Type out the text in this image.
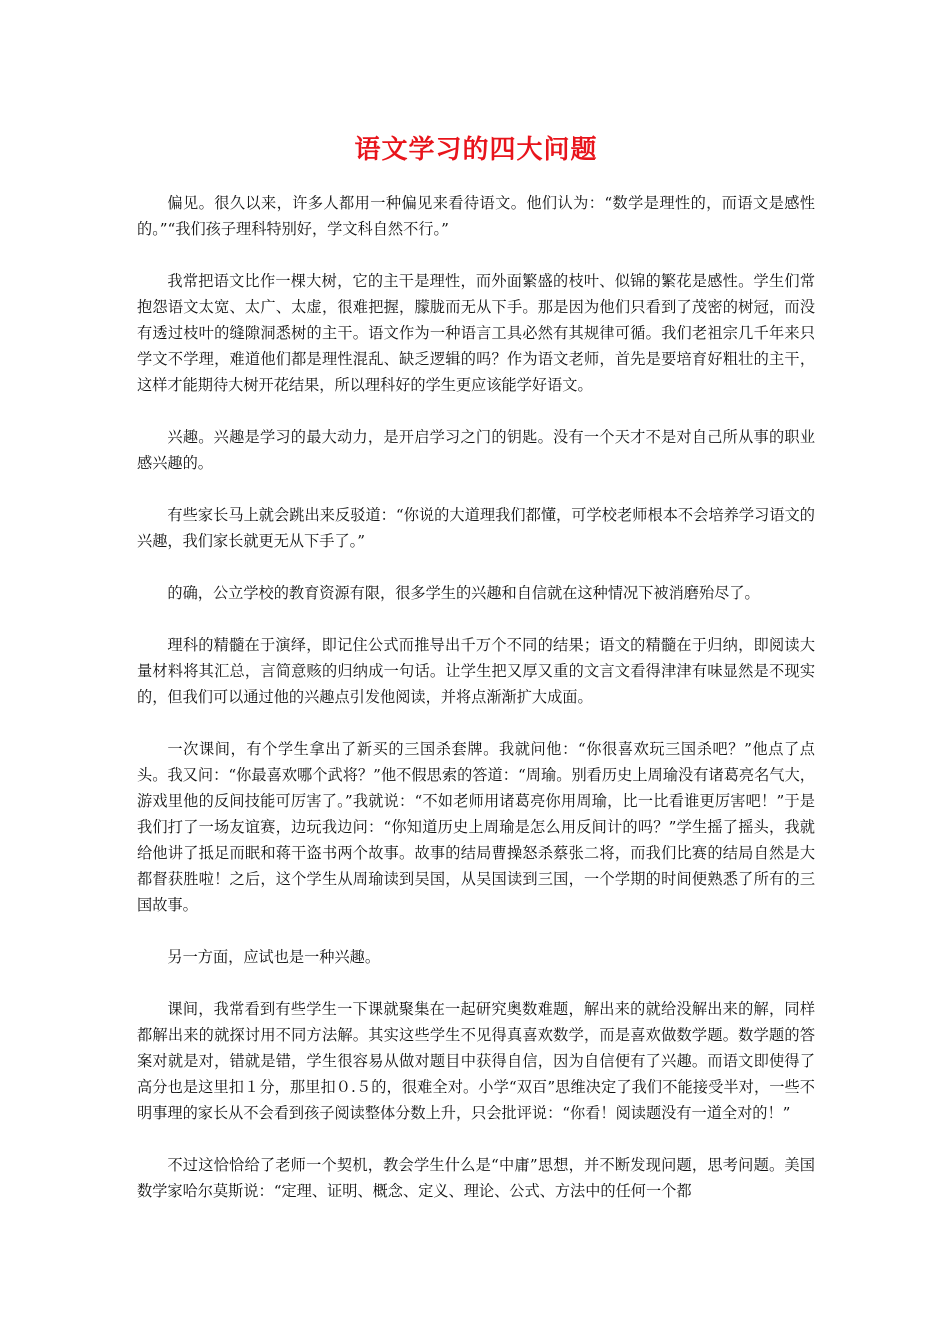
语文学习的四大问题

偏见。很久以来，许多人都用一种偏见来看待语文。他们认为：“数学是理性的，而语文是感性的。”“我们孩子理科特别好，学文科自然不行。”

我常把语文比作一棵大树，它的主干是理性，而外面繁盛的枝叶、似锦的繁花是感性。学生们常抱怨语文太宽、太广、太虚，很难把握，朦胧而无从下手。那是因为他们只看到了茂密的树冠，而没有透过枝叶的缝隙洞悉树的主干。语文作为一种语言工具必然有其规律可循。我们老祖宗几千年来只学文不学理，难道他们都是理性混乱、缺乏逻辑的吗？作为语文老师，首先是要培育好粗壮的主干，这样才能期待大树开花结果，所以理科好的学生更应该能学好语文。

兴趣。兴趣是学习的最大动力，是开启学习之门的钥匙。没有一个天才不是对自己所从事的职业感兴趣的。

有些家长马上就会跳出来反驳道：“你说的大道理我们都懂，可学校老师根本不会培养学习语文的兴趣，我们家长就更无从下手了。”

的确，公立学校的教育资源有限，很多学生的兴趣和自信就在这种情况下被消磨殆尽了。

理科的精髓在于演绎，即记住公式而推导出千万个不同的结果；语文的精髓在于归纳，即阅读大量材料将其汇总，言简意赅的归纳成一句话。让学生把又厚又重的文言文看得津津有味显然是不现实的，但我们可以通过他的兴趣点引发他阅读，并将点渐渐扩大成面。

一次课间，有个学生拿出了新买的三国杀套牌。我就问他：“你很喜欢玩三国杀吧？”他点了点头。我又问：“你最喜欢哪个武将？”他不假思索的答道：“周瑜。别看历史上周瑜没有诸葛亮名气大，游戏里他的反间技能可厉害了。”我就说：“不如老师用诸葛亮你用周瑜，比一比看谁更厉害吧！”于是我们打了一场友谊赛，边玩我边问：“你知道历史上周瑜是怎么用反间计的吗？”学生摇了摇头，我就给他讲了抵足而眠和蒋干盗书两个故事。故事的结局曹操怒杀蔡张二将，而我们比赛的结局自然是大都督获胜啦！之后，这个学生从周瑜读到吴国，从吴国读到三国，一个学期的时间便熟悉了所有的三国故事。

另一方面，应试也是一种兴趣。

课间，我常看到有些学生一下课就聚集在一起研究奥数难题，解出来的就给没解出来的解，同样都解出来的就探讨用不同方法解。其实这些学生不见得真喜欢数学，而是喜欢做数学题。数学题的答案对就是对，错就是错，学生很容易从做对题目中获得自信，因为自信便有了兴趣。而语文即使得了高分也是这里扣１分，那里扣０.５的，很难全对。小学“双百”思维决定了我们不能接受半对，一些不明事理的家长从不会看到孩子阅读整体分数上升，只会批评说：“你看！阅读题没有一道全对的！”

不过这恰恰给了老师一个契机，教会学生什么是“中庸”思想，并不断发现问题，思考问题。美国数学家哈尔莫斯说：“定理、证明、概念、定义、理论、公式、方法中的任何一个都
